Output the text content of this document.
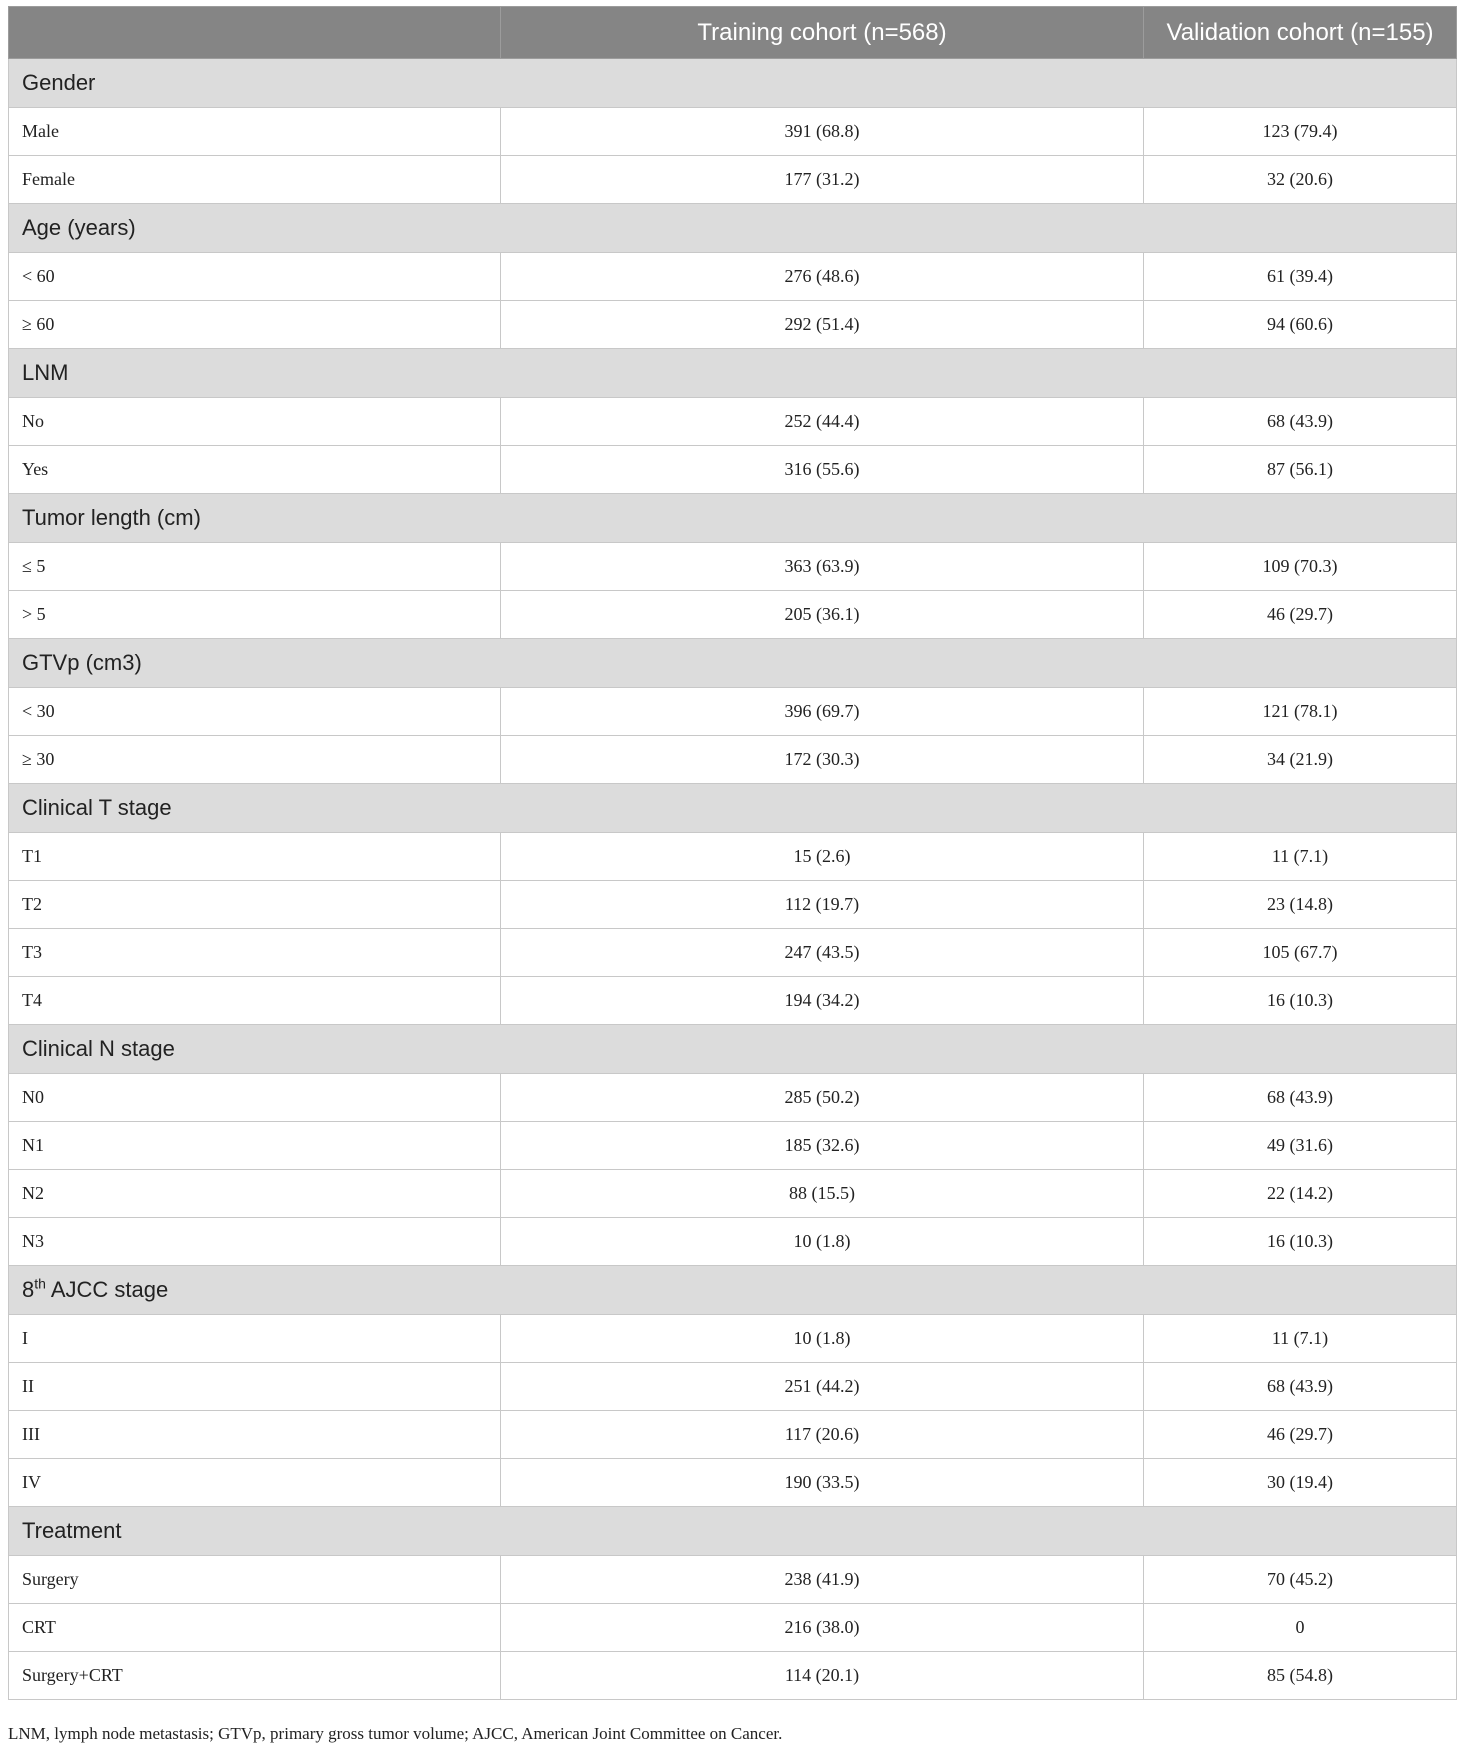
	Training cohort (n=568)	Validation cohort (n=155)
Gender		
Male	391 (68.8)	123 (79.4)
Female	177 (31.2)	32 (20.6)
Age (years)		
< 60	276 (48.6)	61 (39.4)
≥ 60	292 (51.4)	94 (60.6)
LNM		
No	252 (44.4)	68 (43.9)
Yes	316 (55.6)	87 (56.1)
Tumor length (cm)		
≤ 5	363 (63.9)	109 (70.3)
> 5	205 (36.1)	46 (29.7)
GTVp (cm3)		
< 30	396 (69.7)	121 (78.1)
≥ 30	172 (30.3)	34 (21.9)
Clinical T stage		
T1	15 (2.6)	11 (7.1)
T2	112 (19.7)	23 (14.8)
T3	247 (43.5)	105 (67.7)
T4	194 (34.2)	16 (10.3)
Clinical N stage		
N0	285 (50.2)	68 (43.9)
N1	185 (32.6)	49 (31.6)
N2	88 (15.5)	22 (14.2)
N3	10 (1.8)	16 (10.3)
8th AJCC stage		
I	10 (1.8)	11 (7.1)
II	251 (44.2)	68 (43.9)
III	117 (20.6)	46 (29.7)
IV	190 (33.5)	30 (19.4)
Treatment		
Surgery	238 (41.9)	70 (45.2)
CRT	216 (38.0)	0
Surgery+CRT	114 (20.1)	85 (54.8)
LNM, lymph node metastasis; GTVp, primary gross tumor volume; AJCC, American Joint Committee on Cancer.
